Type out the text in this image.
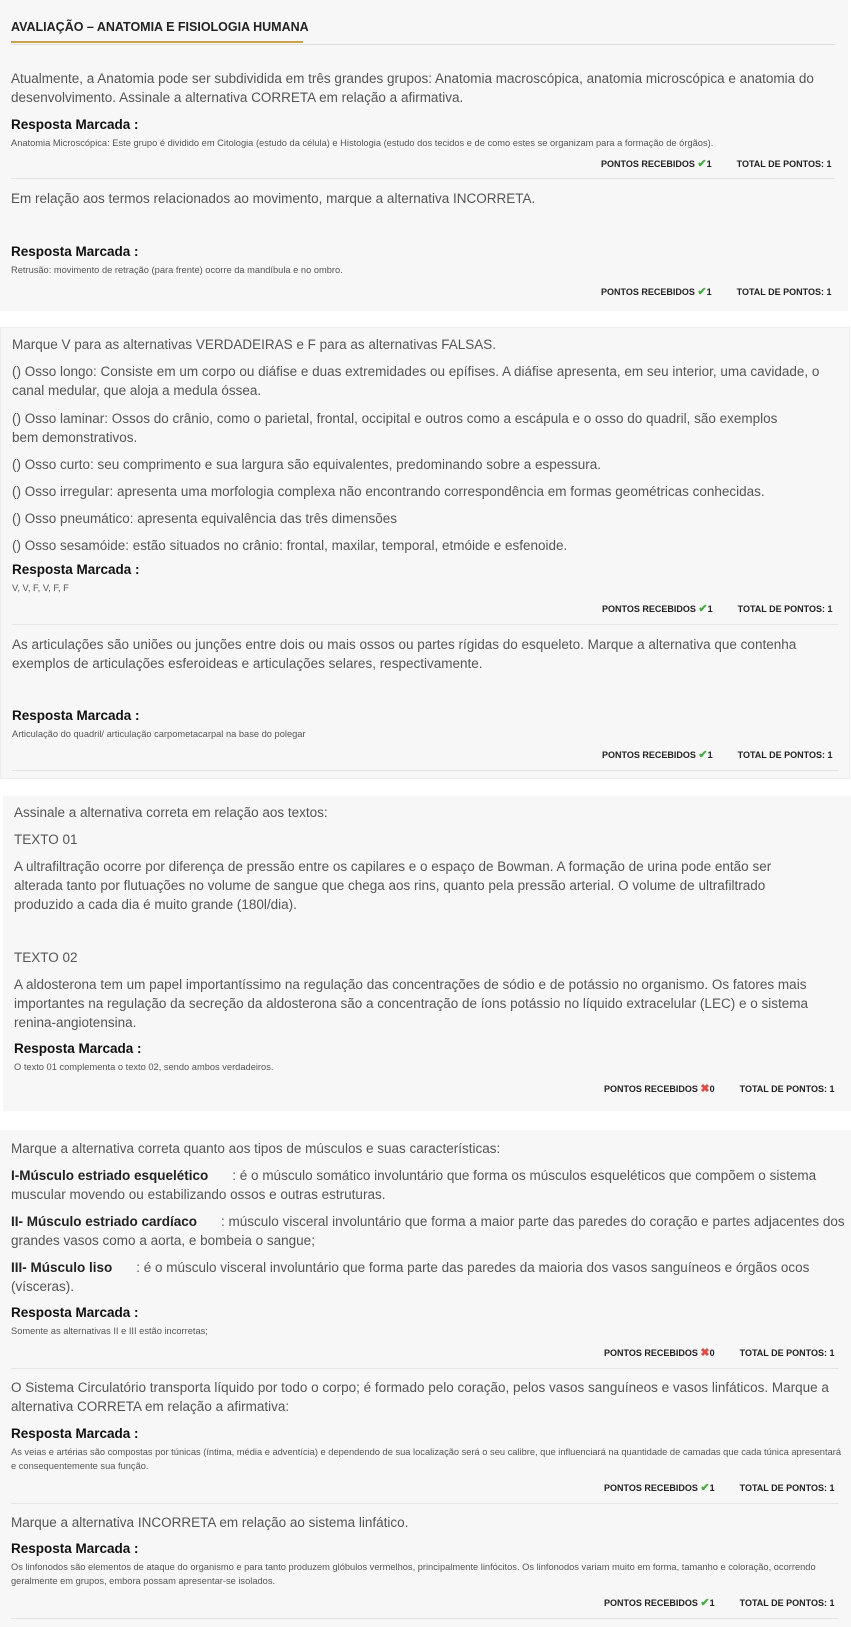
AVALIAÇÃO – ANATOMIA E FISIOLOGIA HUMANA

Atualmente, a Anatomia pode ser subdividida em três grandes grupos: Anatomia macroscópica, anatomia microscópica e anatomia do desenvolvimento. Assinale a alternativa CORRETA em relação a afirmativa.

Resposta Marcada :
Anatomia Microscópica: Este grupo é dividido em Citologia (estudo da célula) e Histologia (estudo dos tecidos e de como estes se organizam para a formação de órgãos).
PONTOS RECEBIDOS ✔1	TOTAL DE PONTOS: 1

Em relação aos termos relacionados ao movimento, marque a alternativa INCORRETA.

Resposta Marcada :
Retrusão: movimento de retração (para frente) ocorre da mandíbula e no ombro.
PONTOS RECEBIDOS ✔1	TOTAL DE PONTOS: 1

Marque V para as alternativas VERDADEIRAS e F para as alternativas FALSAS.

() Osso longo: Consiste em um corpo ou diáfise e duas extremidades ou epífises. A diáfise apresenta, em seu interior, uma cavidade, o canal medular, que aloja a medula óssea.

() Osso laminar: Ossos do crânio, como o parietal, frontal, occipital e outros como a escápula e o osso do quadril, são exemplos

bem demonstrativos.

() Osso curto: seu comprimento e sua largura são equivalentes, predominando sobre a espessura.

() Osso irregular: apresenta uma morfologia complexa não encontrando correspondência em formas geométricas conhecidas.

() Osso pneumático: apresenta equivalência das três dimensões

() Osso sesamóide: estão situados no crânio: frontal, maxilar, temporal, etmóide e esfenoide.

Resposta Marcada :
V, V, F, V, F, F
PONTOS RECEBIDOS ✔1	TOTAL DE PONTOS: 1

As articulações são uniões ou junções entre dois ou mais ossos ou partes rígidas do esqueleto. Marque a alternativa que contenha exemplos de articulações esferoideas e articulações selares, respectivamente.

Resposta Marcada :
Articulação do quadril/ articulação carpometacarpal na base do polegar
PONTOS RECEBIDOS ✔1	TOTAL DE PONTOS: 1

Assinale a alternativa correta em relação aos textos:

TEXTO 01

A ultrafiltração ocorre por diferença de pressão entre os capilares e o espaço de Bowman. A formação de urina pode então ser alterada tanto por flutuações no volume de sangue que chega aos rins, quanto pela pressão arterial. O volume de ultrafiltrado produzido a cada dia é muito grande (180l/dia).

TEXTO 02

A aldosterona tem um papel importantíssimo na regulação das concentrações de sódio e de potássio no organismo. Os fatores mais importantes na regulação da secreção da aldosterona são a concentração de íons potássio no líquido extracelular (LEC) e o sistema renina-angiotensina.

Resposta Marcada :
O texto 01 complementa o texto 02, sendo ambos verdadeiros.
PONTOS RECEBIDOS ✖0	TOTAL DE PONTOS: 1

Marque a alternativa correta quanto aos tipos de músculos e suas características:

I-Músculo estriado esquelético : é o músculo somático involuntário que forma os músculos esqueléticos que compõem o sistema muscular movendo ou estabilizando ossos e outras estruturas.

II- Músculo estriado cardíaco : músculo visceral involuntário que forma a maior parte das paredes do coração e partes adjacentes dos grandes vasos como a aorta, e bombeia o sangue;

III- Músculo liso : é o músculo visceral involuntário que forma parte das paredes da maioria dos vasos sanguíneos e órgãos ocos (vísceras).

Resposta Marcada :
Somente as alternativas II e III estão incorretas;
PONTOS RECEBIDOS ✖0	TOTAL DE PONTOS: 1

O Sistema Circulatório transporta líquido por todo o corpo; é formado pelo coração, pelos vasos sanguíneos e vasos linfáticos. Marque a alternativa CORRETA em relação a afirmativa:

Resposta Marcada :
As veias e artérias são compostas por túnicas (íntima, média e adventícia) e dependendo de sua localização será o seu calibre, que influenciará na quantidade de camadas que cada túnica apresentará e consequentemente sua função.
PONTOS RECEBIDOS ✔1	TOTAL DE PONTOS: 1

Marque a alternativa INCORRETA em relação ao sistema linfático.

Resposta Marcada :
Os linfonodos são elementos de ataque do organismo e para tanto produzem glóbulos vermelhos, principalmente linfócitos. Os linfonodos variam muito em forma, tamanho e coloração, ocorrendo geralmente em grupos, embora possam apresentar-se isolados.
PONTOS RECEBIDOS ✔1	TOTAL DE PONTOS: 1
